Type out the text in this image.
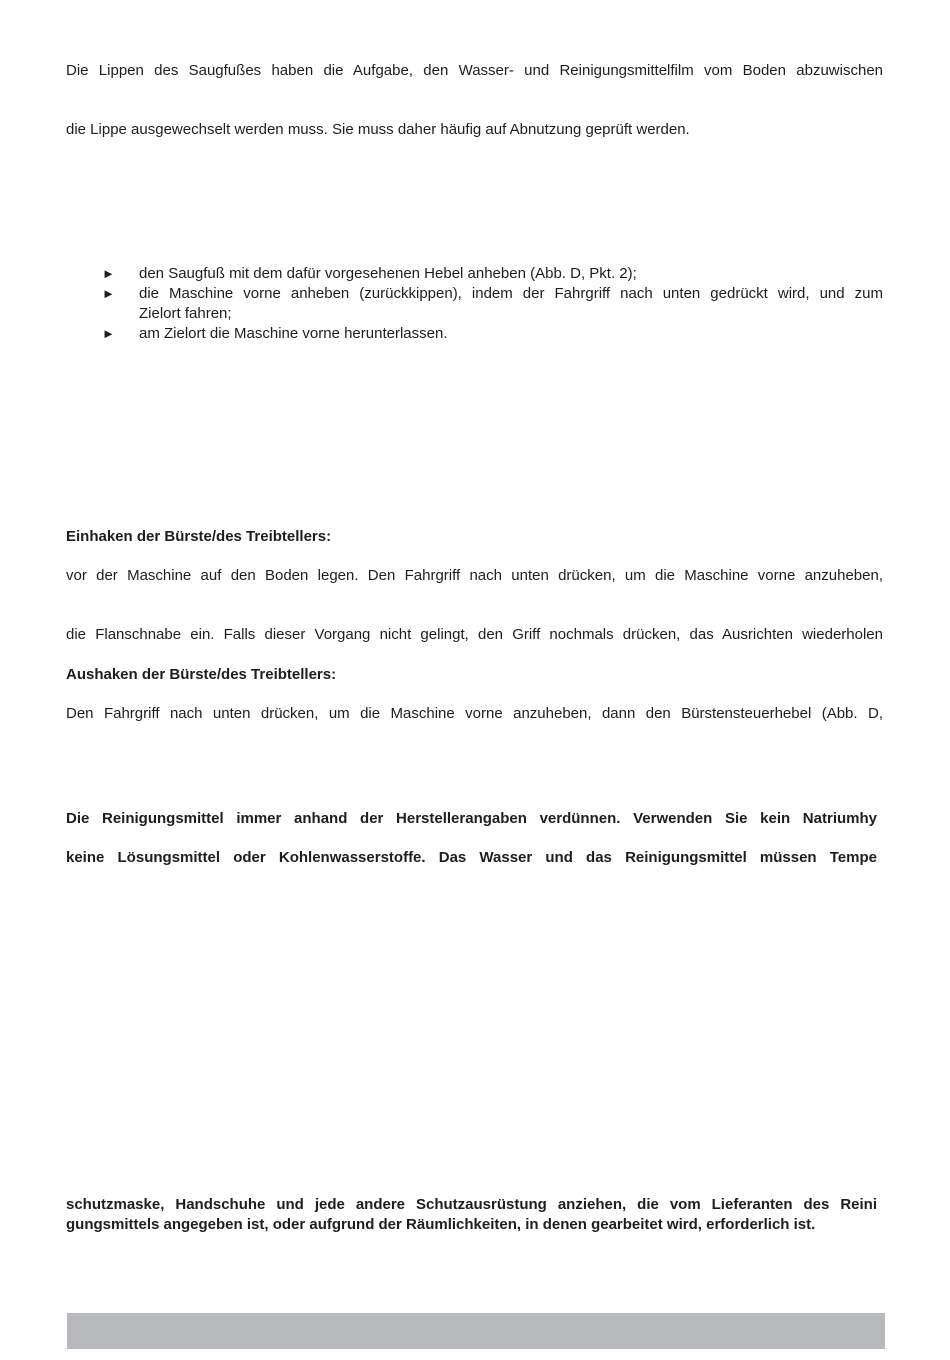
Die Lippen des Saugfußes haben die Aufgabe, den Wasser- und Reinigungsmittelfilm vom Boden abzuwischen
die Lippe ausgewechselt werden muss. Sie muss daher häufig auf Abnutzung geprüft werden.
► den Saugfuß mit dem dafür vorgesehenen Hebel anheben (Abb. D, Pkt. 2);
► die Maschine vorne anheben (zurückkippen), indem der Fahrgriff nach unten gedrückt wird, und zum
Zielort fahren;
► am Zielort die Maschine vorne herunterlassen.
Einhaken der Bürste/des Treibtellers:
vor der Maschine auf den Boden legen. Den Fahrgriff nach unten drücken, um die Maschine vorne anzuheben,
die Flanschnabe ein. Falls dieser Vorgang nicht gelingt, den Griff nochmals drücken, das Ausrichten wiederholen
Aushaken der Bürste/des Treibtellers:
Den Fahrgriff nach unten drücken, um die Maschine vorne anzuheben, dann den Bürstensteuerhebel (Abb. D,
Die Reinigungsmittel immer anhand der Herstellerangaben verdünnen. Verwenden Sie kein Natriumhy
keine Lösungsmittel oder Kohlenwasserstoffe. Das Wasser und das Reinigungsmittel müssen Tempe
schutzmaske, Handschuhe und jede andere Schutzausrüstung anziehen, die vom Lieferanten des Reini
gungsmittels angegeben ist, oder aufgrund der Räumlichkeiten, in denen gearbeitet wird, erforderlich ist.
